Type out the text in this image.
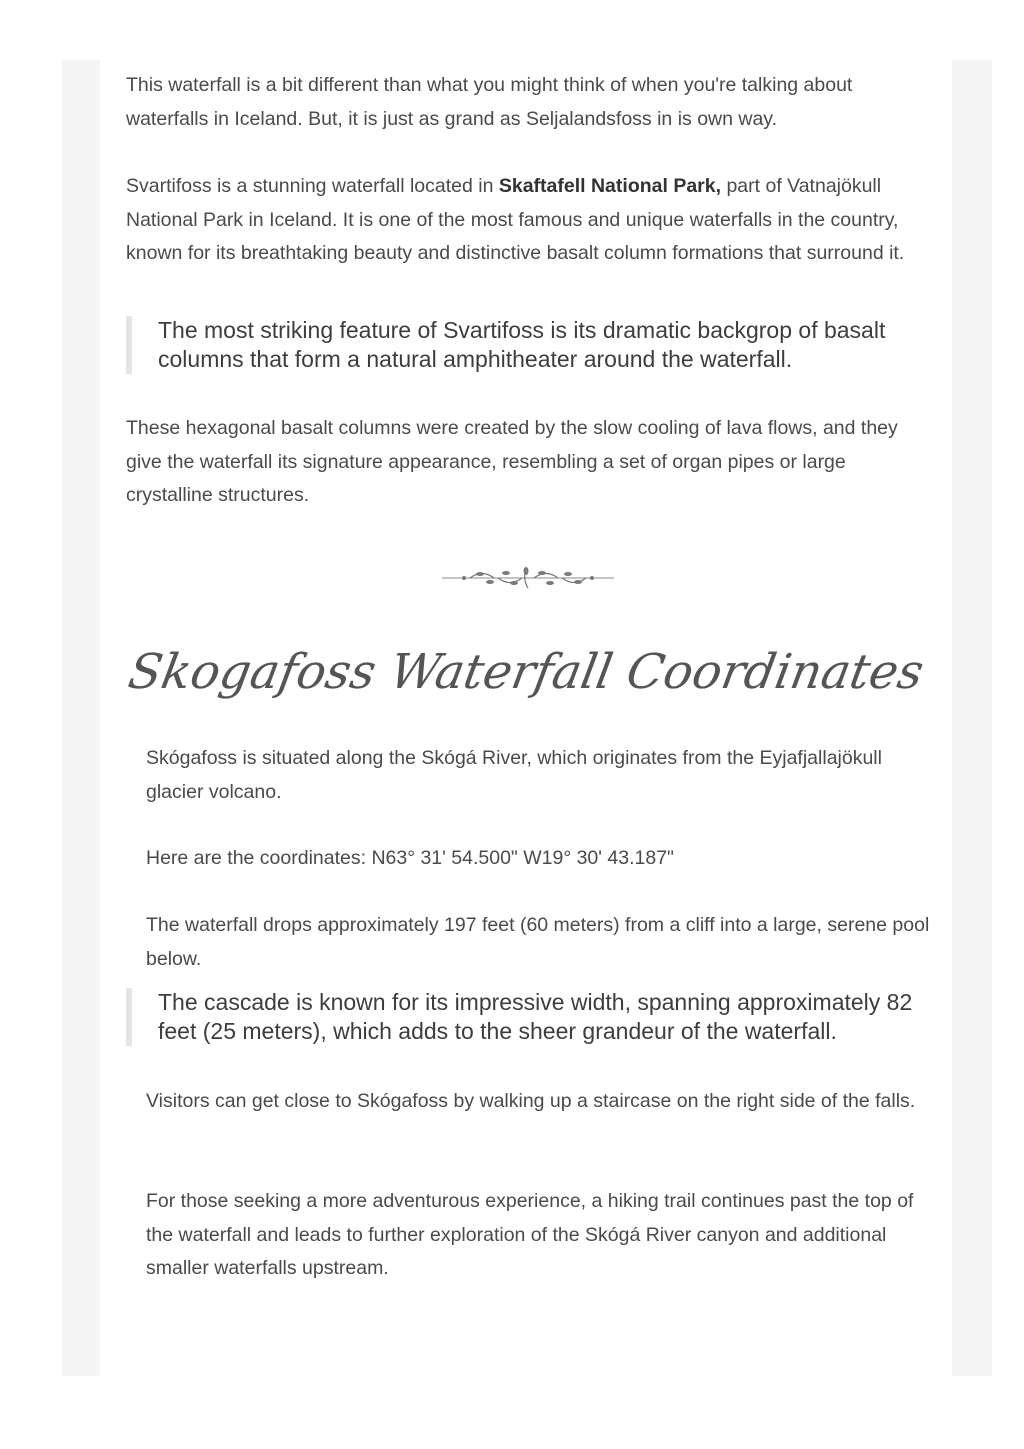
This waterfall is a bit different than what you might think of when you're talking about waterfalls in Iceland. But, it is just as grand as Seljalandsfoss in is own way.

Svartifoss is a stunning waterfall located in Skaftafell National Park, part of Vatnajökull National Park in Iceland. It is one of the most famous and unique waterfalls in the country, known for its breathtaking beauty and distinctive basalt column formations that surround it.

The most striking feature of Svartifoss is its dramatic backgrop of basalt columns that form a natural amphitheater around the waterfall.

These hexagonal basalt columns were created by the slow cooling of lava flows, and they give the waterfall its signature appearance, resembling a set of organ pipes or large crystalline structures.

Skogafoss Waterfall Coordinates

Skógafoss is situated along the Skógá River, which originates from the Eyjafjallajökull glacier volcano.

Here are the coordinates: N63° 31' 54.500" W19° 30' 43.187"

The waterfall drops approximately 197 feet (60 meters) from a cliff into a large, serene pool below.

The cascade is known for its impressive width, spanning approximately 82 feet (25 meters), which adds to the sheer grandeur of the waterfall.

Visitors can get close to Skógafoss by walking up a staircase on the right side of the falls.

For those seeking a more adventurous experience, a hiking trail continues past the top of the waterfall and leads to further exploration of the Skógá River canyon and additional smaller waterfalls upstream.
